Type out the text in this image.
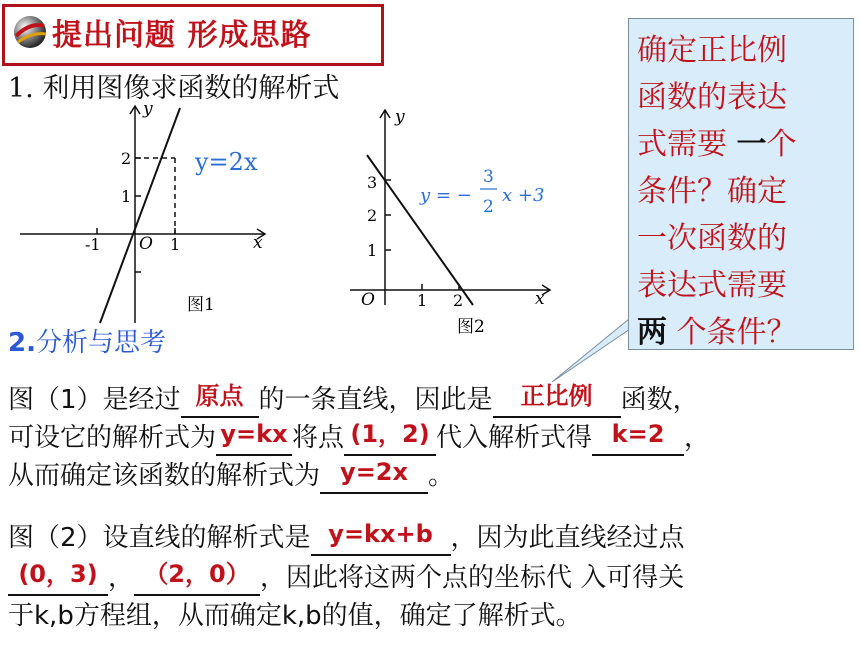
提出问题 形成思路
1. 利用图像求函数的解析式

确定正比例

函数的表达

式需要 一个

条件？确定

一次函数的

表达式需要

两 个条件？

y
x
O
-1	1
1
2	y=2x
图1
y
x
O	1 2
1
2
3
y = −
3
2
x +3
图2
2.分析与思考
图（1）是经过 原点 的一条直线，因此是	正比例	函数，
可设它的解析式为 y=kx 将点 (1，2) 代入解析式得 k=2 ，
从而确定该函数的解析式为 y=2x 。
图（2）设直线的解析式是 y=kx+b ，因为此直线经过点
(0，3) ， （2，0） ，因此将这两个点的坐标代 入可得关
于k,b方程组，从而确定k,b的值，确定了解析式。
